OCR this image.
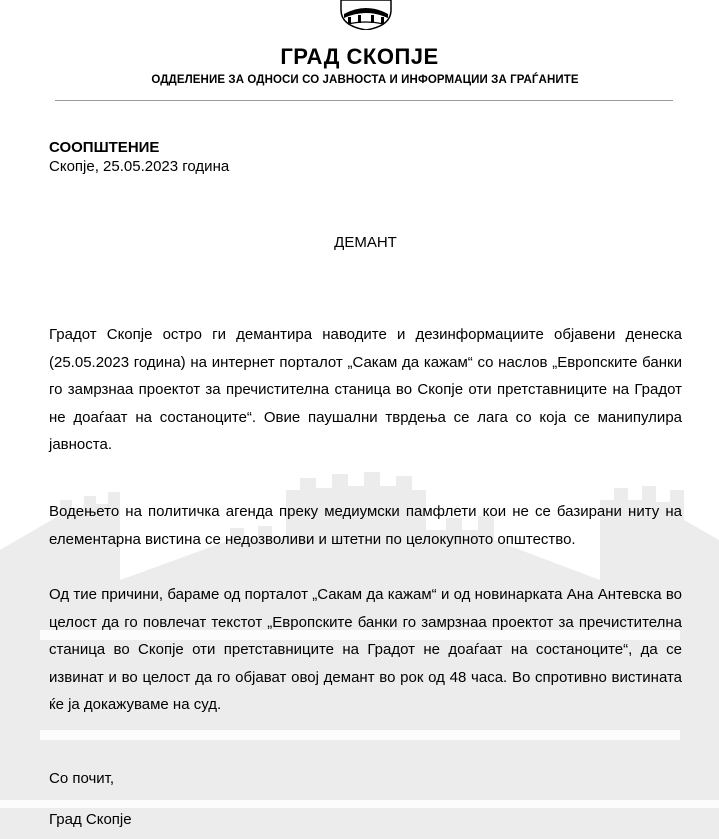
ГРАД СКОПЈЕ
ОДДЕЛЕНИЕ ЗА ОДНОСИ СО ЈАВНОСТА И ИНФОРМАЦИИ ЗА ГРАЃАНИТЕ
СООПШТЕНИЕ
Скопје, 25.05.2023 година
ДЕМАНТ

Градот Скопје остро ги демантира наводите и дезинформациите објавени денеска (25.05.2023 година) на интернет порталот „Сакам да кажам“ со наслов „Европските банки го замрзнаа проектот за пречистителна станица во Скопје оти претставниците на Градот не доаѓаат на состаноците“. Овие паушални тврдења се лага со која се манипулира јавноста.

Водењето на политичка агенда преку медиумски памфлети кои не се базирани ниту на елементарна вистина се недозволиви и штетни по целокупното општество.

Од тие причини, бараме од порталот „Сакам да кажам“ и од новинарката Ана Антевска во целост да го повлечат текстот „Европските банки го замрзнаа проектот за пречистителна станица во Скопје оти претставниците на Градот не доаѓаат на состаноците“, да се извинат и во целост да го објават овој демант во рок од 48 часа. Во спротивно вистината ќе ја докажуваме на суд.

Со почит,
Град Скопје
